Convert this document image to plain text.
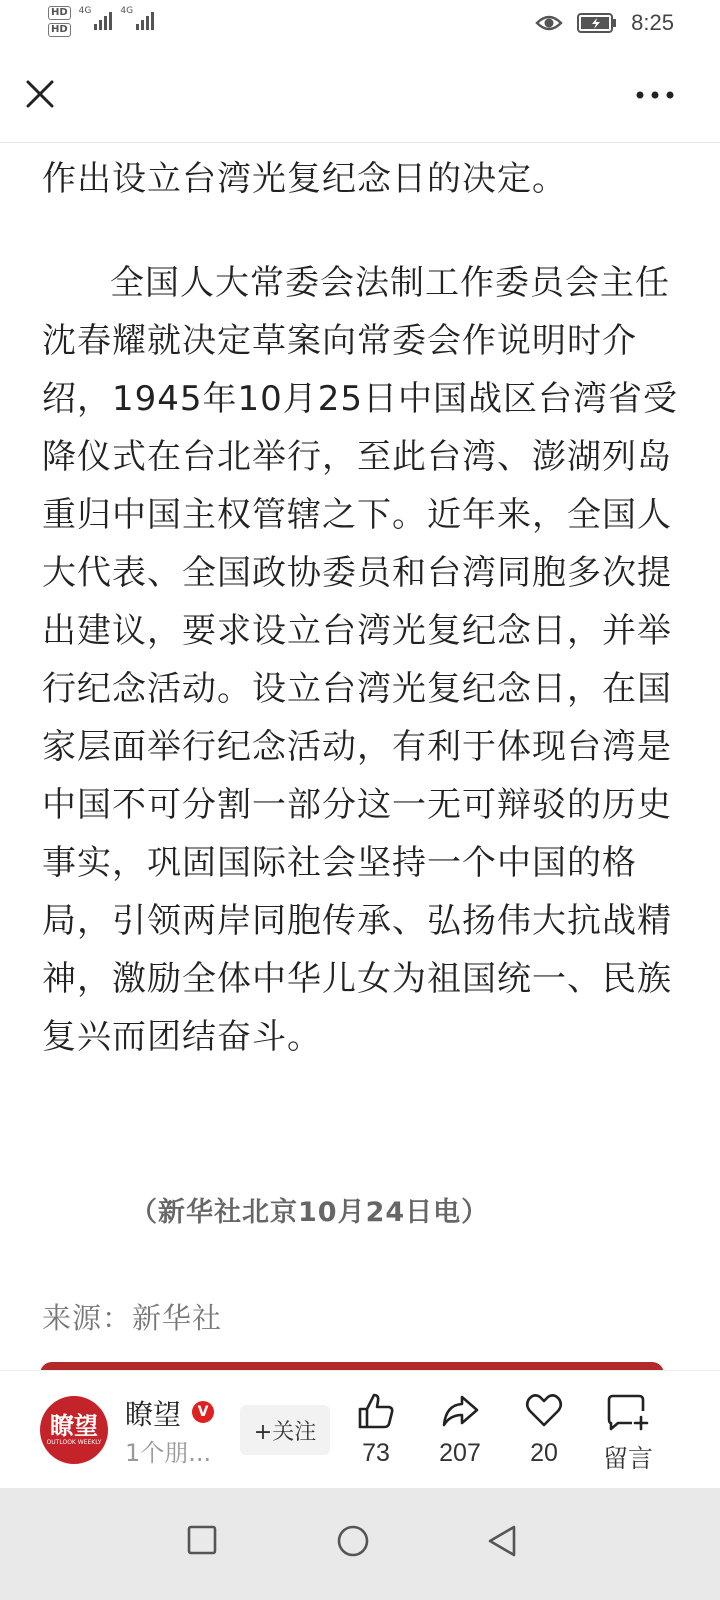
HD
HD
4G	4G	8:25

作出设立台湾光复纪念日的决定。

全国人大常委会法制工作委员会主任沈春耀就决定草案向常委会作说明时介绍，1945年10月25日中国战区台湾省受降仪式在台北举行，至此台湾、澎湖列岛重归中国主权管辖之下。近年来，全国人大代表、全国政协委员和台湾同胞多次提出建议，要求设立台湾光复纪念日，并举行纪念活动。设立台湾光复纪念日，在国家层面举行纪念活动，有利于体现台湾是中国不可分割一部分这一无可辩驳的历史事实，巩固国际社会坚持一个中国的格局，引领两岸同胞传承、弘扬伟大抗战精神，激励全体中华儿女为祖国统一、民族复兴而团结奋斗。

（新华社北京10月24日电）
来源：新华社
瞭望
OUTLOOK WEEKLY
瞭望	V
1个朋...
+关注
73	207	20	留言
